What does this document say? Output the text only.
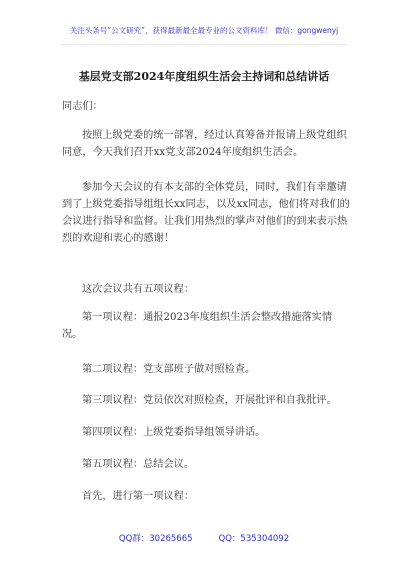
关注头条号“公文研究”，获得最新最全最专业的公文资料库！ 微信：gongwenyj
基层党支部2024年度组织生活会主持词和总结讲话
同志们：
按照上级党委的统一部署，经过认真筹备并报请上级党组织同意，今天我们召开xx党支部2024年度组织生活会。
参加今天会议的有本支部的全体党员，同时，我们有幸邀请到了上级党委指导组组长xx同志，以及xx同志，他们将对我们的会议进行指导和监督。让我们用热烈的掌声对他们的到来表示热烈的欢迎和衷心的感谢！
这次会议共有五项议程：
第一项议程：通报2023年度组织生活会整改措施落实情况。
第二项议程：党支部班子做对照检查。
第三项议程：党员依次对照检查，开展批评和自我批评。
第四项议程：上级党委指导组领导讲话。
第五项议程：总结会议。
首先，进行第一项议程：
QQ群：30265665	QQ：535304092
